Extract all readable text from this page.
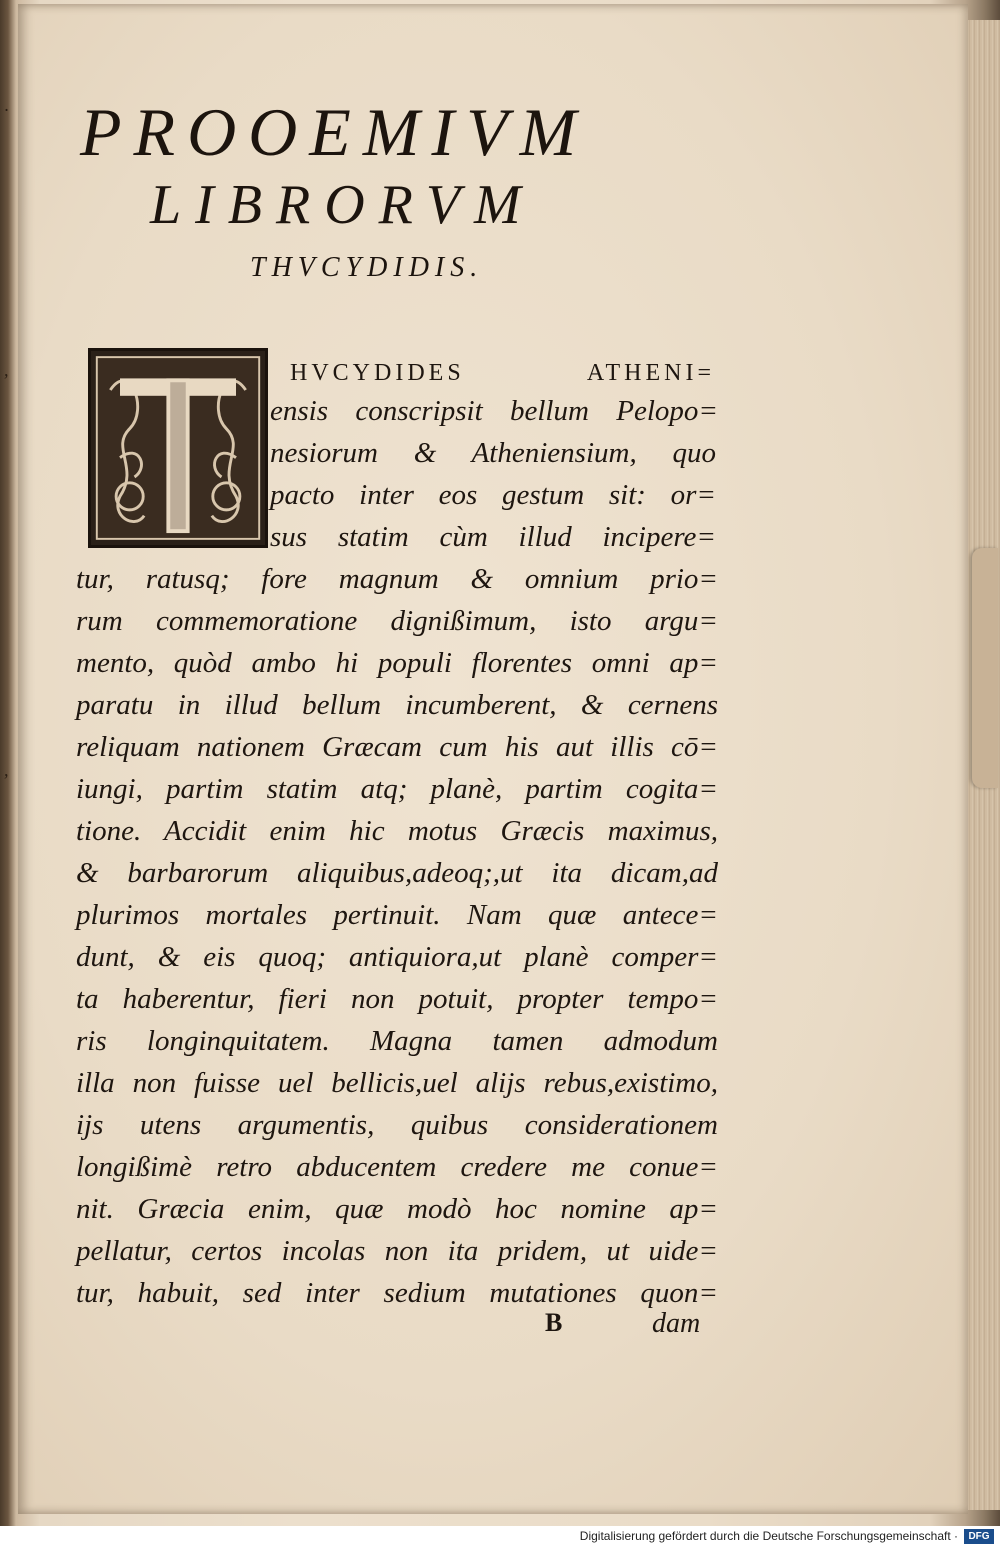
·
,
,
PROOEMIVM
LIBRORVM
THVCYDIDIS.
HVCYDIDES ATHENI=
ensis conscripsit bellum Pelopo=
nesiorum & Atheniensium, quo
pacto inter eos gestum sit: or=
sus statim cùm illud incipere=
tur, ratusq; fore magnum & omnium prio=
rum commemoratione dignißimum, isto argu=
mento, quòd ambo hi populi florentes omni ap=
paratu in illud bellum incumberent, & cernens
reliquam nationem Græcam cum his aut illis cō=
iungi, partim statim atq; planè, partim cogita=
tione. Accidit enim hic motus Græcis maximus,
& barbarorum aliquibus,adeoq;,ut ita dicam,ad
plurimos mortales pertinuit. Nam quæ antece=
dunt, & eis quoq; antiquiora,ut planè comper=
ta haberentur, fieri non potuit, propter tempo=
ris longinquitatem. Magna tamen admodum
illa non fuisse uel bellicis,uel alijs rebus,existimo,
ijs utens argumentis, quibus considerationem
longißimè retro abducentem credere me conue=
nit. Græcia enim, quæ modò hoc nomine ap=
pellatur, certos incolas non ita pridem, ut uide=
tur, habuit, sed inter sedium mutationes quon=
B	dam
Digitalisierung gefördert durch die Deutsche Forschungsgemeinschaft ·	DFG
